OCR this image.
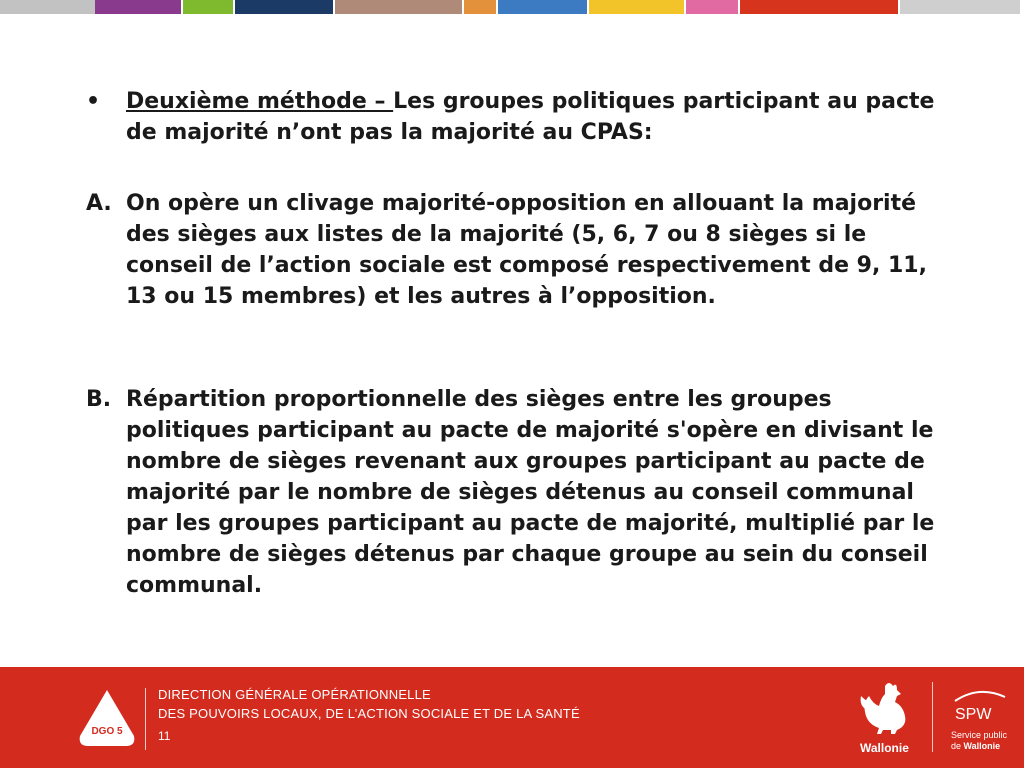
• Deuxième méthode – Les groupes politiques participant au pacte de majorité n’ont pas la majorité au CPAS:
A. On opère un clivage majorité-opposition en allouant la majorité des sièges aux listes de la majorité (5, 6, 7 ou 8 sièges si le conseil de l’action sociale est composé respectivement de 9, 11, 13 ou 15 membres) et les autres à l’opposition.
B. Répartition proportionnelle des sièges entre les groupes politiques participant au pacte de majorité s'opère en divisant le nombre de sièges revenant aux groupes participant au pacte de majorité par le nombre de sièges détenus au conseil communal par les groupes participant au pacte de majorité, multiplié par le nombre de sièges détenus par chaque groupe au sein du conseil communal.
DGO 5
DIRECTION GÉNÉRALE OPÉRATIONNELLE
DES POUVOIRS LOCAUX, DE L’ACTION SOCIALE ET DE LA SANTÉ
11
Wallonie
SPW
Service public
de Wallonie
